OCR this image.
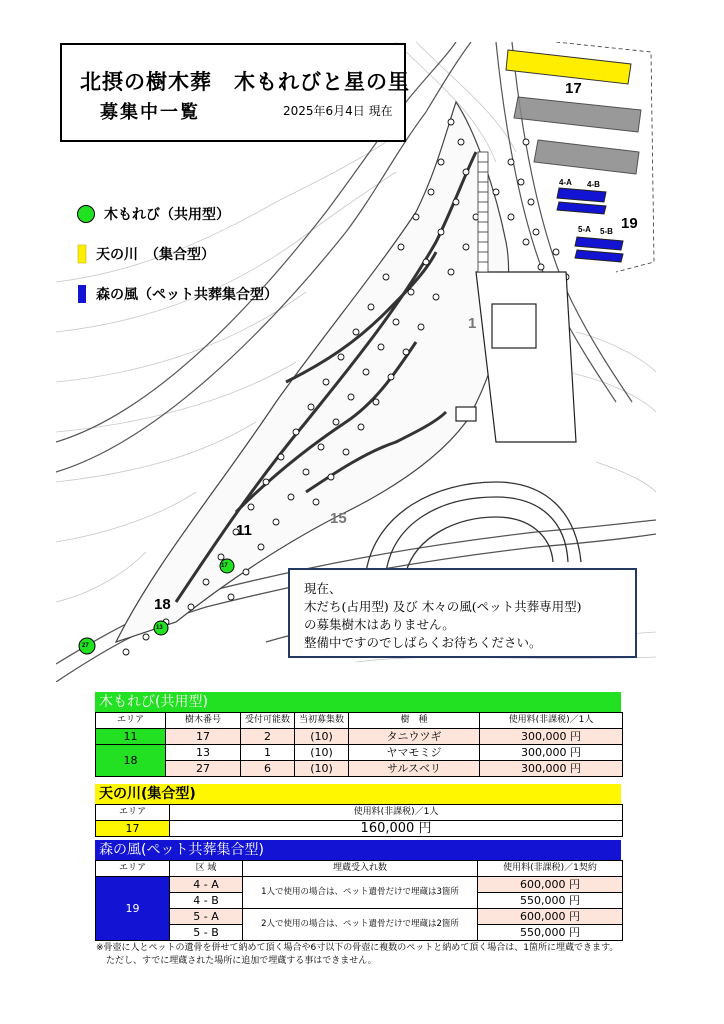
17
19
18
11
15
1
4-A 4-B
5-A 5-B
17
13
27
北摂の樹木葬　木もれびと星の里
募集中一覧	2025年6月4日 現在
木もれび（共用型）
天の川　（集合型）
森の風（ペット共葬集合型）
現在、
木だち(占用型) 及び 木々の風(ペット共葬専用型)
の募集樹木はありません。
整備中ですのでしばらくお待ちください。
木もれび(共用型)
エリア	樹木番号	受付可能数	当初募集数	樹　種	使用料(非課税)／1人
11	17	2	(10)	タニウツギ	300,000 円
18	13	1	(10)	ヤマモミジ	300,000 円
	27	6	(10)	サルスベリ	300,000 円
天の川(集合型)
エリア	使用料(非課税)／1人
17	160,000 円
森の風(ペット共葬集合型)
エリア	区 域	埋蔵受入れ数	使用料(非課税)／1契約
19	4 - A	1人で使用の場合は、ペット遺骨だけで埋蔵は3箇所	600,000 円
	4 - B		550,000 円
	5 - A	2人で使用の場合は、ペット遺骨だけで埋蔵は2箇所	600,000 円
	5 - B		550,000 円
※骨壺に人とペットの遺骨を併せて納めて頂く場合や6寸以下の骨壺に複数のペットと納めて頂く場合は、1箇所に埋蔵できます。
ただし、すでに埋蔵された場所に追加で埋蔵する事はできません。
